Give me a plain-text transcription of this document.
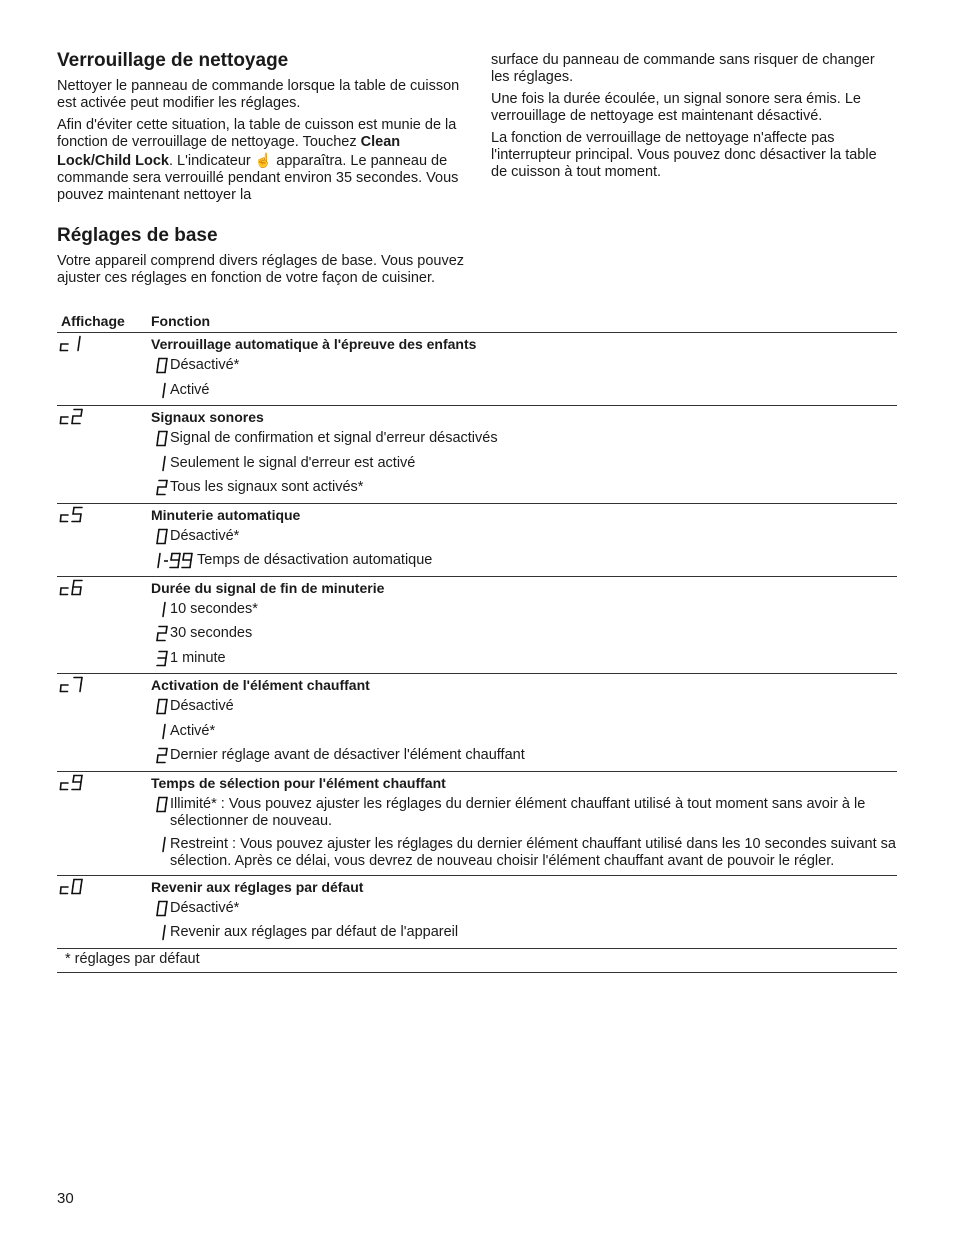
Verrouillage de nettoyage

Nettoyer le panneau de commande lorsque la table de cuisson est activée peut modifier les réglages.

Afin d'éviter cette situation, la table de cuisson est munie de la fonction de verrouillage de nettoyage. Touchez Clean Lock/Child Lock. L'indicateur ☝ apparaîtra. Le panneau de commande sera verrouillé pendant environ 35 secondes. Vous pouvez maintenant nettoyer la

Réglages de base

Votre appareil comprend divers réglages de base. Vous pouvez ajuster ces réglages en fonction de votre façon de cuisiner.

surface du panneau de commande sans risquer de changer les réglages.

Une fois la durée écoulée, un signal sonore sera émis. Le verrouillage de nettoyage est maintenant désactivé.

La fonction de verrouillage de nettoyage n'affecte pas l'interrupteur principal. Vous pouvez donc désactiver la table de cuisson à tout moment.

Affichage	Fonction
Verrouillage automatique à l'épreuve des enfants
Désactivé*
Activé
Signaux sonores
Signal de confirmation et signal d'erreur désactivés
Seulement le signal d'erreur est activé
Tous les signaux sont activés*
Minuterie automatique
Désactivé*
Temps de désactivation automatique
Durée du signal de fin de minuterie
10 secondes*
30 secondes
1 minute
Activation de l'élément chauffant
Désactivé
Activé*
Dernier réglage avant de désactiver l'élément chauffant
Temps de sélection pour l'élément chauffant
Illimité* : Vous pouvez ajuster les réglages du dernier élément chauffant utilisé à tout moment sans avoir à le sélectionner de nouveau.
Restreint : Vous pouvez ajuster les réglages du dernier élément chauffant utilisé dans les 10 secondes suivant sa sélection. Après ce délai, vous devrez de nouveau choisir l'élément chauffant avant de pouvoir le régler.
Revenir aux réglages par défaut
Désactivé*
Revenir aux réglages par défaut de l'appareil
* réglages par défaut
30
